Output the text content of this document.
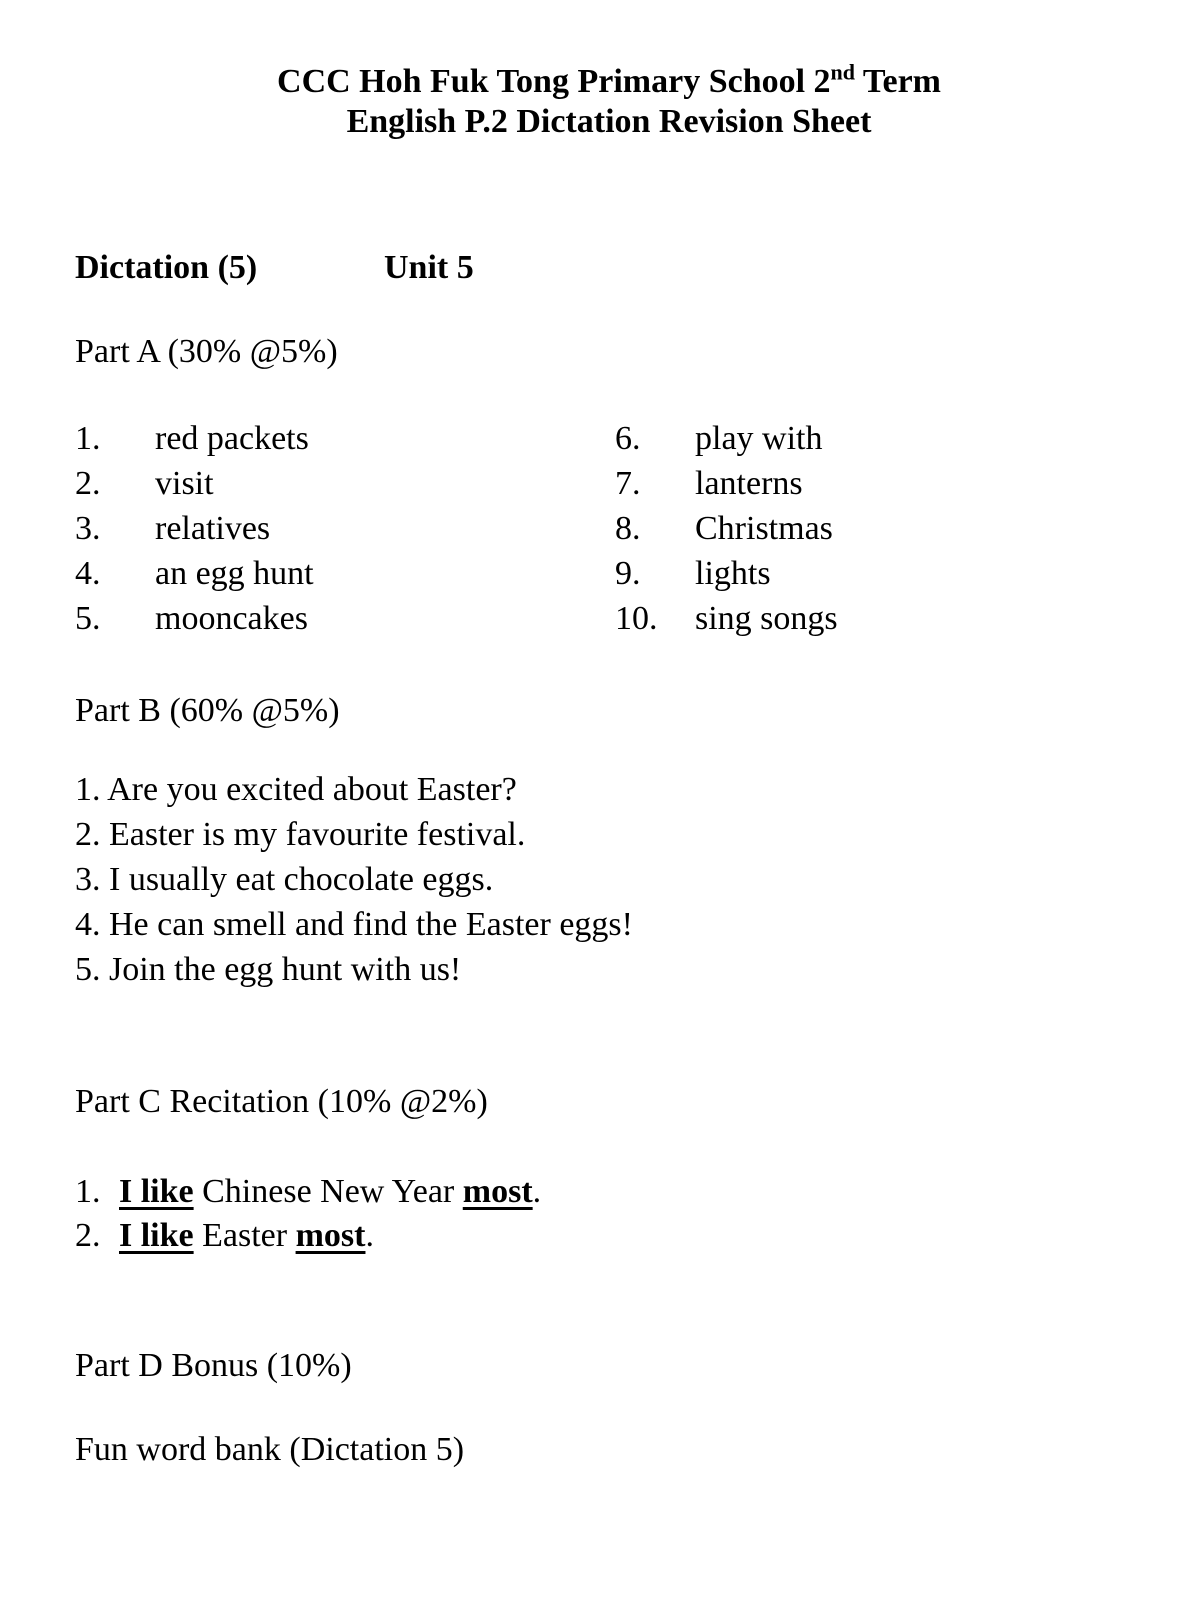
CCC Hoh Fuk Tong Primary School 2nd Term
English P.2 Dictation Revision Sheet
Dictation (5)	Unit 5
Part A (30% @5%)
1.	red packets	6.	play with
2.	visit	7.	lanterns
3.	relatives	8.	Christmas
4.	an egg hunt	9.	lights
5.	mooncakes	10.	sing songs
Part B (60% @5%)
1. Are you excited about Easter?
2. Easter is my favourite festival.
3. I usually eat chocolate eggs.
4. He can smell and find the Easter eggs!
5. Join the egg hunt with us!
Part C Recitation (10% @2%)
1. I like Chinese New Year most.
2. I like Easter most.
Part D Bonus (10%)
Fun word bank (Dictation 5)
